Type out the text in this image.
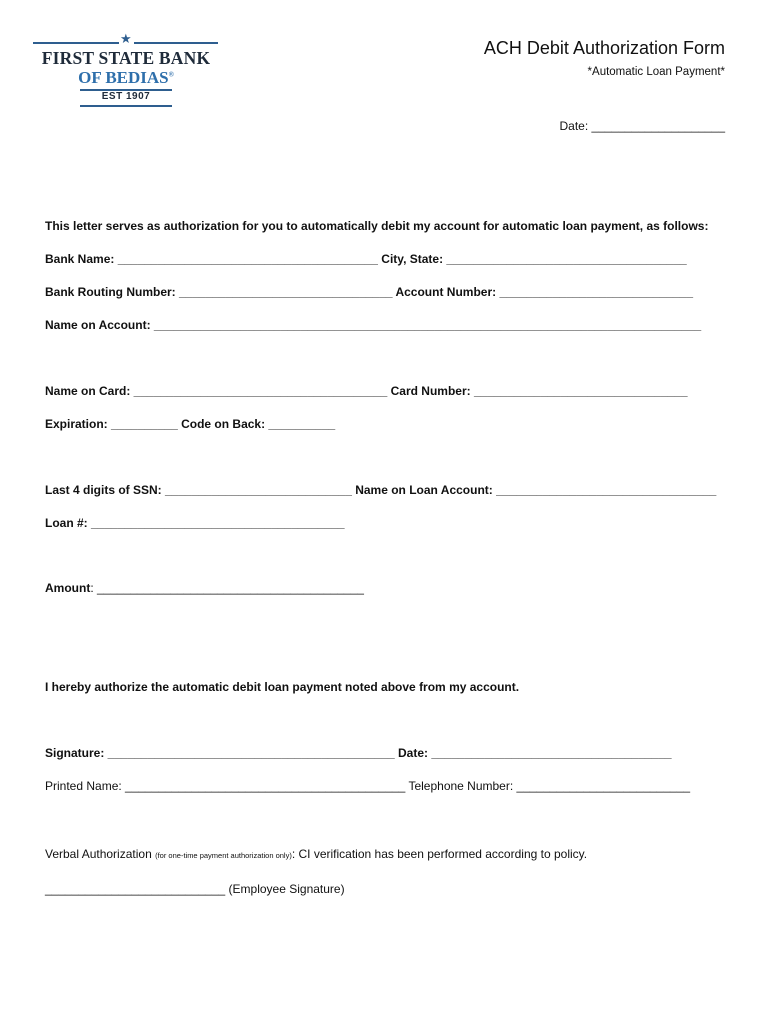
★
FIRST STATE BANK
OF BEDIAS®
EST 1907
ACH Debit Authorization Form
*Automatic Loan Payment*
Date: ____________________
This letter serves as authorization for you to automatically debit my account for automatic loan payment, as follows:
Bank Name: _______________________________________ City, State: ____________________________________
Bank Routing Number: ________________________________ Account Number: _____________________________
Name on Account: __________________________________________________________________________________
Name on Card: ______________________________________ Card Number: ________________________________
Expiration: __________ Code on Back: __________
Last 4 digits of SSN: ____________________________ Name on Loan Account: _________________________________
Loan #: ______________________________________
Amount: ________________________________________
I hereby authorize the automatic debit loan payment noted above from my account.
Signature: ___________________________________________ Date: ____________________________________
Printed Name: __________________________________________ Telephone Number: __________________________
Verbal Authorization (for one-time payment authorization only): CI verification has been performed according to policy.
___________________________ (Employee Signature)
